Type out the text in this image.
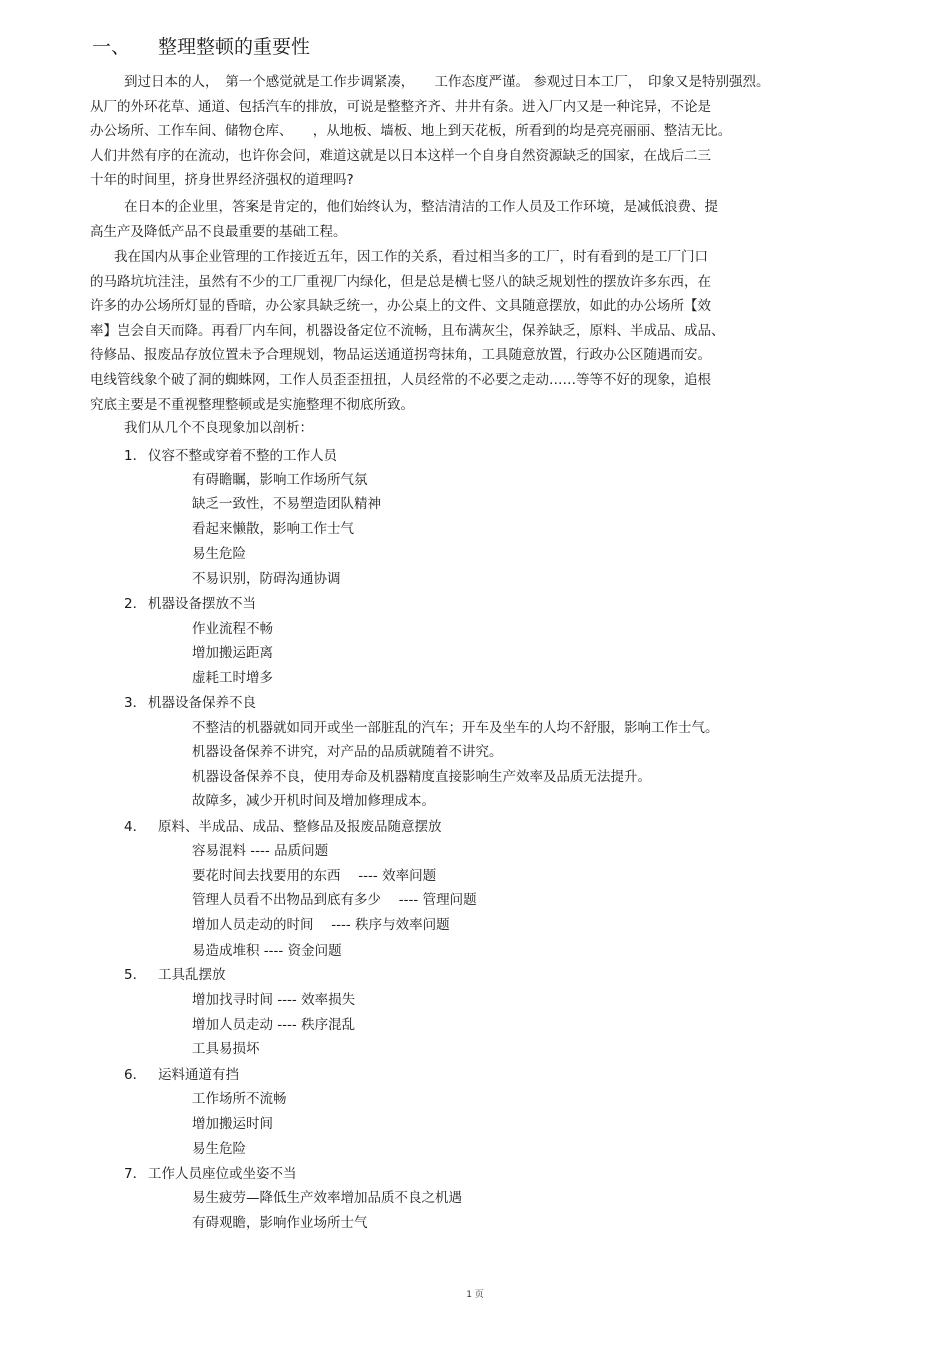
一、 整理整顿的重要性
到过日本的人，　第一个感觉就是工作步调紧凑，　　工作态度严谨。 参观过日本工厂，　印象又是特别强烈。
从厂的外环花草、通道、包括汽车的排放，可说是整整齐齐、井井有条。进入厂内又是一种诧异，不论是
办公场所、工作车间、储物仓库、　　，从地板、墙板、地上到天花板，所看到的均是亮亮丽丽、整洁无比。
人们井然有序的在流动，也许你会问，难道这就是以日本这样一个自身自然资源缺乏的国家，在战后二三
十年的时间里，挤身世界经济强权的道理吗?
在日本的企业里，答案是肯定的，他们始终认为，整洁清洁的工作人员及工作环境，是减低浪费、提
高生产及降低产品不良最重要的基础工程。
我在国内从事企业管理的工作接近五年，因工作的关系，看过相当多的工厂，时有看到的是工厂门口
的马路坑坑洼洼，虽然有不少的工厂重视厂内绿化，但是总是横七竖八的缺乏规划性的摆放许多东西，在
许多的办公场所灯显的昏暗，办公家具缺乏统一，办公桌上的文件、文具随意摆放，如此的办公场所【效
率】岂会自天而降。再看厂内车间，机器设备定位不流畅，且布满灰尘，保养缺乏，原料、半成品、成品、
待修品、报废品存放位置未予合理规划，物品运送通道拐弯抹角，工具随意放置，行政办公区随遇而安。
电线管线象个破了洞的蜘蛛网，工作人员歪歪扭扭，人员经常的不必要之走动……等等不好的现象，追根
究底主要是不重视整理整顿或是实施整理不彻底所致。
我们从几个不良现象加以剖析：
1． 仪容不整或穿着不整的工作人员
有碍瞻瞩，影响工作场所气氛
缺乏一致性，不易塑造团队精神
看起来懒散，影响工作士气
易生危险
不易识别，防碍沟通协调
2． 机器设备摆放不当
作业流程不畅
增加搬运距离
虚耗工时增多
3． 机器设备保养不良
不整洁的机器就如同开或坐一部脏乱的汽车；开车及坐车的人均不舒服，影响工作士气。
机器设备保养不讲究，对产品的品质就随着不讲究。
机器设备保养不良，使用寿命及机器精度直接影响生产效率及品质无法提升。
故障多，减少开机时间及增加修理成本。
4． 原料、半成品、成品、整修品及报废品随意摆放
容易混料 ---- 品质问题
要花时间去找要用的东西　 ---- 效率问题
管理人员看不出物品到底有多少　 ---- 管理问题
增加人员走动的时间　 ---- 秩序与效率问题
易造成堆积 ---- 资金问题
5． 工具乱摆放
增加找寻时间 ---- 效率损失
增加人员走动 ---- 秩序混乱
工具易损坏
6． 运料通道有挡
工作场所不流畅
增加搬运时间
易生危险
7． 工作人员座位或坐姿不当
易生疲劳—降低生产效率增加品质不良之机遇
有碍观瞻，影响作业场所士气
1 页
